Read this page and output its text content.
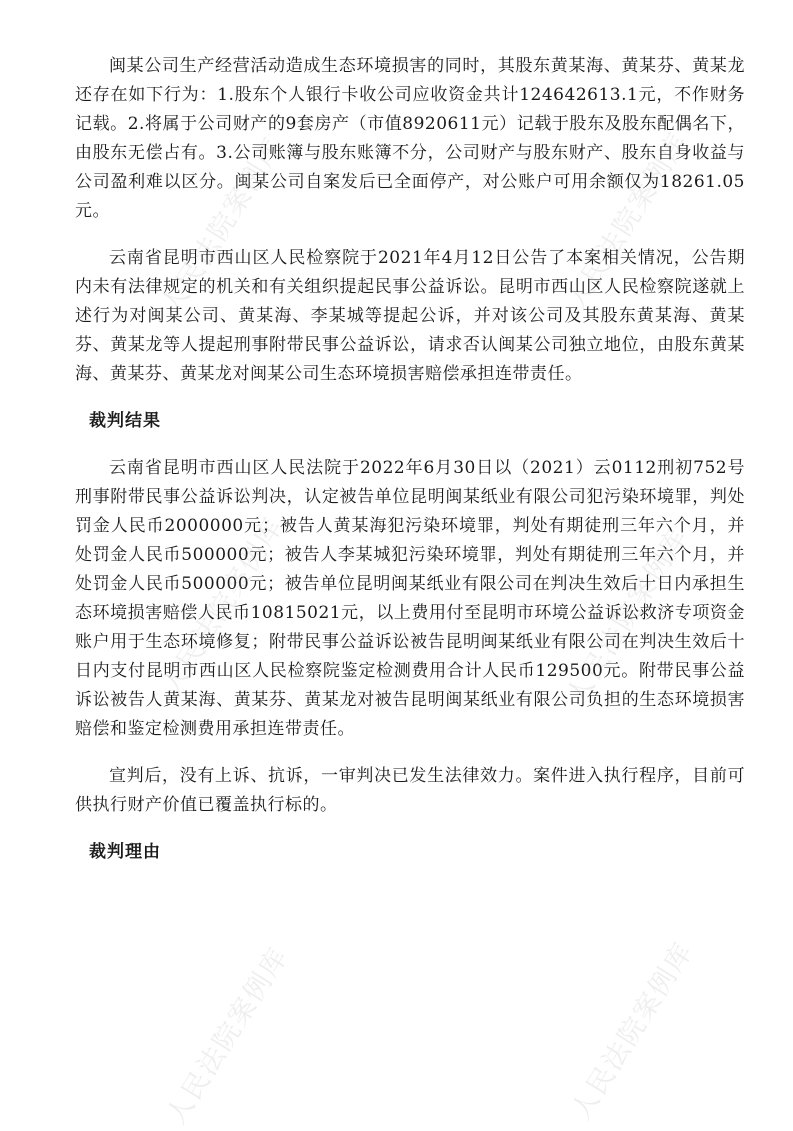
闽某公司生产经营活动造成生态环境损害的同时，其股东黄某海、黄某芬、黄某龙还存在如下行为：1.股东个人银行卡收公司应收资金共计124642613.1元，不作财务记载。2.将属于公司财产的9套房产（市值8920611元）记载于股东及股东配偶名下，由股东无偿占有。3.公司账簿与股东账簿不分，公司财产与股东财产、股东自身收益与公司盈利难以区分。闽某公司自案发后已全面停产，对公账户可用余额仅为18261.05元。

云南省昆明市西山区人民检察院于2021年4月12日公告了本案相关情况，公告期内未有法律规定的机关和有关组织提起民事公益诉讼。昆明市西山区人民检察院遂就上述行为对闽某公司、黄某海、李某城等提起公诉，并对该公司及其股东黄某海、黄某芬、黄某龙等人提起刑事附带民事公益诉讼，请求否认闽某公司独立地位，由股东黄某海、黄某芬、黄某龙对闽某公司生态环境损害赔偿承担连带责任。

裁判结果

云南省昆明市西山区人民法院于2022年6月30日以（2021）云0112刑初752号刑事附带民事公益诉讼判决，认定被告单位昆明闽某纸业有限公司犯污染环境罪，判处罚金人民币2000000元；被告人黄某海犯污染环境罪，判处有期徒刑三年六个月，并处罚金人民币500000元；被告人李某城犯污染环境罪，判处有期徒刑三年六个月，并处罚金人民币500000元；被告单位昆明闽某纸业有限公司在判决生效后十日内承担生态环境损害赔偿人民币10815021元，以上费用付至昆明市环境公益诉讼救济专项资金账户用于生态环境修复；附带民事公益诉讼被告昆明闽某纸业有限公司在判决生效后十日内支付昆明市西山区人民检察院鉴定检测费用合计人民币129500元。附带民事公益诉讼被告人黄某海、黄某芬、黄某龙对被告昆明闽某纸业有限公司负担的生态环境损害赔偿和鉴定检测费用承担连带责任。

宣判后，没有上诉、抗诉，一审判决已发生法律效力。案件进入执行程序，目前可供执行财产价值已覆盖执行标的。

裁判理由
人民法院案例库	人民法院案例库
人民法院案例库	人民法院案例库
人民法院案例库	人民法院案例库
